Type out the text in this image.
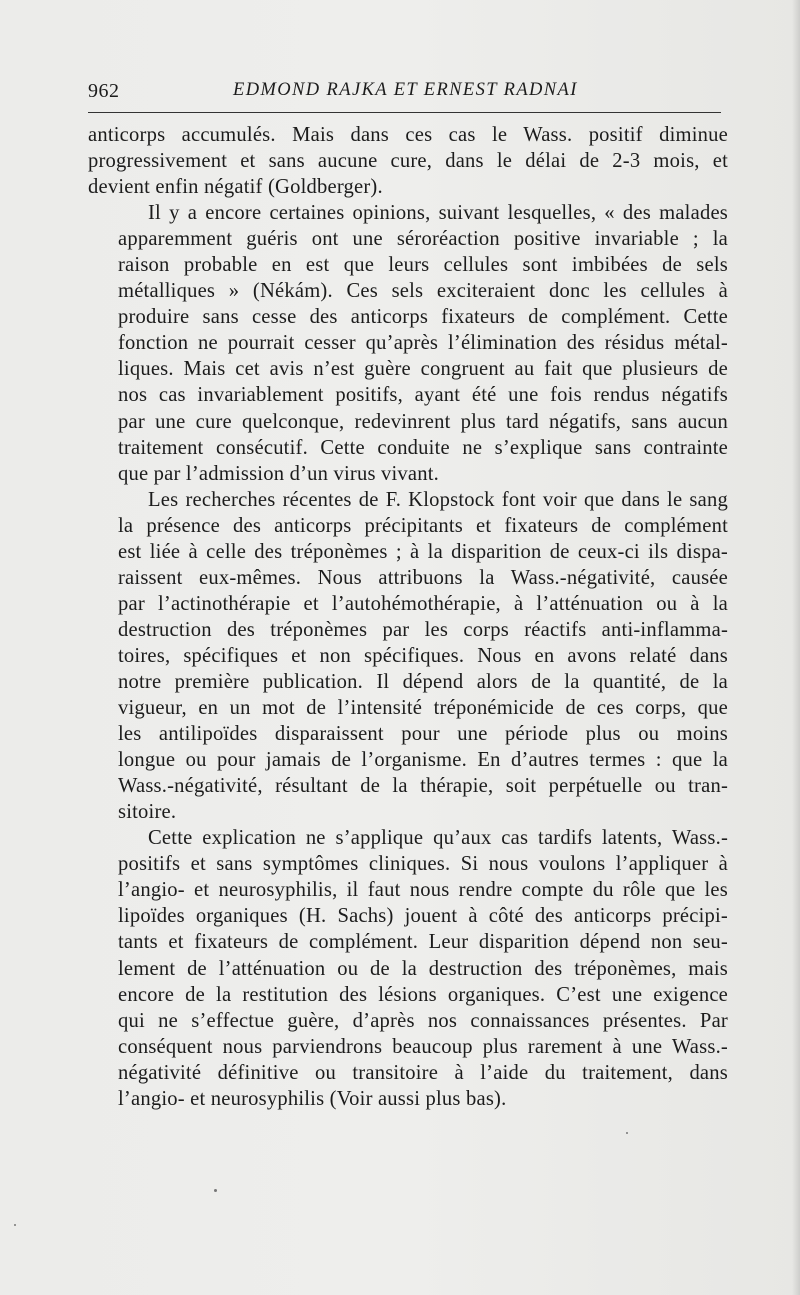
962	EDMOND RAJKA ET ERNEST RADNAI
anticorps accumulés. Mais dans ces cas le Wass. positif diminue
progressivement et sans aucune cure, dans le délai de 2-3 mois, et
devient enfin négatif (Goldberger).
Il y a encore certaines opinions, suivant lesquelles, « des malades
apparemment guéris ont une séroréaction positive invariable ; la
raison probable en est que leurs cellules sont imbibées de sels
métalliques » (Nékám). Ces sels exciteraient donc les cellules à
produire sans cesse des anticorps fixateurs de complément. Cette
fonction ne pourrait cesser qu’après l’élimination des résidus métal-
liques. Mais cet avis n’est guère congruent au fait que plusieurs de
nos cas invariablement positifs, ayant été une fois rendus négatifs
par une cure quelconque, redevinrent plus tard négatifs, sans aucun
traitement consécutif. Cette conduite ne s’explique sans contrainte
que par l’admission d’un virus vivant.
Les recherches récentes de F. Klopstock font voir que dans le sang
la présence des anticorps précipitants et fixateurs de complément
est liée à celle des tréponèmes ; à la disparition de ceux-ci ils dispa-
raissent eux-mêmes. Nous attribuons la Wass.-négativité, causée
par l’actinothérapie et l’autohémothérapie, à l’atténuation ou à la
destruction des tréponèmes par les corps réactifs anti-inflamma-
toires, spécifiques et non spécifiques. Nous en avons relaté dans
notre première publication. Il dépend alors de la quantité, de la
vigueur, en un mot de l’intensité tréponémicide de ces corps, que
les antilipoïdes disparaissent pour une période plus ou moins
longue ou pour jamais de l’organisme. En d’autres termes : que la
Wass.-négativité, résultant de la thérapie, soit perpétuelle ou tran-
sitoire.
Cette explication ne s’applique qu’aux cas tardifs latents, Wass.-
positifs et sans symptômes cliniques. Si nous voulons l’appliquer à
l’angio- et neurosyphilis, il faut nous rendre compte du rôle que les
lipoïdes organiques (H. Sachs) jouent à côté des anticorps précipi-
tants et fixateurs de complément. Leur disparition dépend non seu-
lement de l’atténuation ou de la destruction des tréponèmes, mais
encore de la restitution des lésions organiques. C’est une exigence
qui ne s’effectue guère, d’après nos connaissances présentes. Par
conséquent nous parviendrons beaucoup plus rarement à une Wass.-
négativité définitive ou transitoire à l’aide du traitement, dans
l’angio- et neurosyphilis (Voir aussi plus bas).
